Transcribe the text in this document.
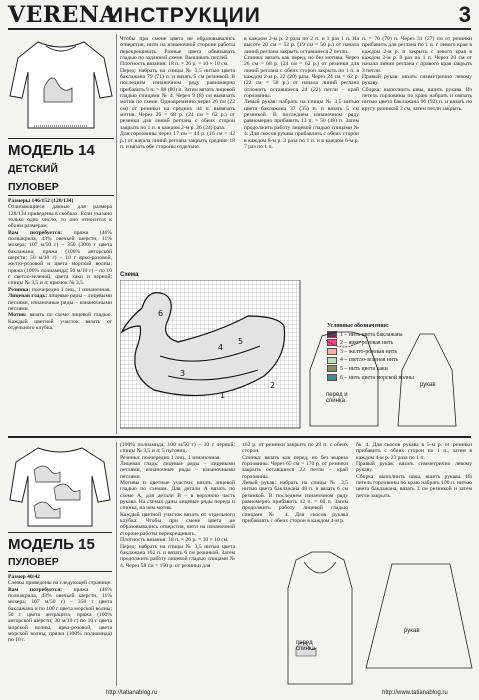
VERENA
ИНСТРУКЦИИ	3
МОДЕЛЬ 14
ДЕТСКИЙ
ПУЛОВЕР

Размеры 146/152 (128/134)

Отличающиеся данные для размера 128/134 приведены в скобках. Если указано только одно число, то оно относится к обоим размерам.

Вам потребуется: пряжа (46% полиакрила, 43% овечьей шерсти, 11% мохера; 107 м/50 г) – 350 (300) г цвета баклажана; пряжа (100% ангорской шерсти; 50 м/10 г) – 10 г ярко-розовой, желто-розовой и цвета морской волны; пряжа (100% полиамида; 50 м/10 г) – по 10 г светло-зеленой, цвета хаки и черной; спицы № 3,5 и 4; крючок № 3,5.

Резинка: поочередно 1 лиц., 1 изнаночная.

Лицевая гладь: лицевые ряды – лицевыми петлями, изнаночные ряды – изнаночными петлями.

Мотив: вязать по схеме лицевой гладью. Каждый цветной участок вязать от отдельного клубка.

Чтобы при смене цвета не образовывались отверстия, нити на изнаночной стороне работы перекрещивать. Разные цвета обвязывать гладью по заданной схеме. Вышивать петлей.

Плотность вязания: 18 п. × 26 р. = 10 × 10 см.

Перед: набрать на спицы № 3,5 нитью цвета баклажана 79 (71) п. и вязать 5 см резинкой. В последнем изнаночном ряду равномерно прибавить 9 п. = 88 (80) п. Затем вязать лицевой гладью спицами № 4. Через 9 (8) см вывязать мотив по схеме. Одновременно через 26 см (22 см) от резинки на средних 44 п. вывязать мотив. Через 26 = 68 р. (24 см = 62 р.) от резинки для линий реглана с обеих сторон закрыть по 1 п. в каждом 2-м р. 26 (24) раза.

Для горловины через 17 см = 44 р. (16 см = 42 р.) от начала линий реглана закрыть средние 18 п. и вязать обе стороны отдельно.

в каждом 2-м р. 2 раза по 2 п. и 1 раз 1 п. На высоте 20 см = 52 р. (19 см = 50 р.) от начала линий реглана закрыть оставшиеся 2 петли.

Спинка: вязать как перед, но без мотива. Через 26 см = 68 р. (24 см = 62 р.) от резинки для линий реглана с обеих сторон закрыть по 1 п. в каждом 2-м р. 22 (20) раза. Через 24 см = 62 р. (22 см = 58 р.) от начала линий реглана отложить оставшиеся 24 (22) петли – край горловины.

Левый рукав: набрать на спицы № 3,5 нитью цвета баклажана 37 (35) п. и вязать 5 см резинкой. В последнем изнаночном ряду равномерно прибавить 13 п. = 50 (48) п. Затем продолжить работу лицевой гладью спицами № 4. Для скосов рукава прибавлять с обеих сторон в каждом 8-м р. 3 раза по 1 п. и в каждом 6-м р. 7 раз по 1 п.

п. = 76 (70) п. Через 31 (27) см от резинки прибавить для реглана по 1 п. с левого края в каждом 2-м р. и закрыть с левого края в каждом 2-м р. 9 раз по 1 п. Через 20 см от начала линии реглана с правого края закрыть 3 петли.

Правый рукав: вязать симметрично левому рукаву.

Сборка: выполнить швы, вшить рукава. Из петель горловины по краю набрать и связать нитью цвета баклажана 96 (92) п. и вязать по кругу резинкой 3 см, затем петли закрыть.

Условные обозначения:
1 – нить цвета баклажана
2 – ярко-розовая нить
3 – желто-розовая нить
4 – светло-зеленая нить
5 – нить цвета хаки
6 – нить цвета морской волны
Схема
6
4
5
3
1
2
перед и спинка
рукав
МОДЕЛЬ 15
ПУЛОВЕР

Размер 40/42

Схемы приведены на следующей странице.

Вам потребуется: пряжа (46% полиакрила, 43% овечьей шерсти, 11% мохера; 107 м/50 г) – 350 г цвета баклажана и по 100 г цвета морской волны; 50 г цвета антрацита, пряжа (100% ангорской шерсти; 30 м/10 г) по 10 г цвета морской волны, ярко-розовой, цвета морской волны, пряжи (100% полиамида) по 10 г.

(100% полиамида; 100 м/50 г) – 10 г черной; спицы № 3,5 и 4; 5 пуговиц.

Резинка: поочередно 1 лиц., 1 изнаночная.

Лицевая гладь: лицевые ряды – лицевыми петлями, изнаночные ряды – изнаночными петлями.

Мотивы и цветные участки: вязать лицевой гладью по схемам. Для детали А вязать по схеме А, для детали В – в верхнюю часть рукава. На схемах даны лицевые ряды переда и спинка, на чем мотив.

Каждый цветной участок вязать от отдельного клубка. Чтобы при смене цвета не образовывались отверстия, нити на изнаночной стороне работы перекрещивать.

Плотность вязания: 18 п. × 26 р. = 10 × 10 см.

Перед: набрать на спицы № 3,5 нитью цвета баклажана 102 п. и вязать 6 см резинкой. Затем продолжить работу лицевой гладью спицами № 4. Через 58 см = 150 р. от резинки для

162 р. от резинки закрыть по 23 п. с обеих сторон.

Спинка: вязать как перед, но без выреза горловины. Через 65 см = 170 р. от резинки закрыть оставшиеся 22 петли – край горловины.

Левый рукав: набрать на спицы № 3,5 нитью цвета баклажана 48 п. и вязать 6 см резинкой. В последнем изнаночном ряду равномерно прибавить 12 п. = 60 п. Затем продолжить работу лицевой гладью спицами № 4. Для скосов рукава прибавлять с обеих сторон в каждом 4-м р.

№ 4. Для скосов рукава в 5-м р. от резинки прибавить с обеих сторон по 1 п., затем в каждом 4-м р. 23 раза по 1 п.

Правый рукав: вязать симметрично левому рукаву.

Сборка: выполнить швы, вшить рукава. Из петель горловины по краю набрать 100 п. нитью цвета баклажана, вязать 3 см резинкой и затем петли закрыть.

перед спинка
рукав
http://tatianablog.ru	http://www.tatianablog.ru
